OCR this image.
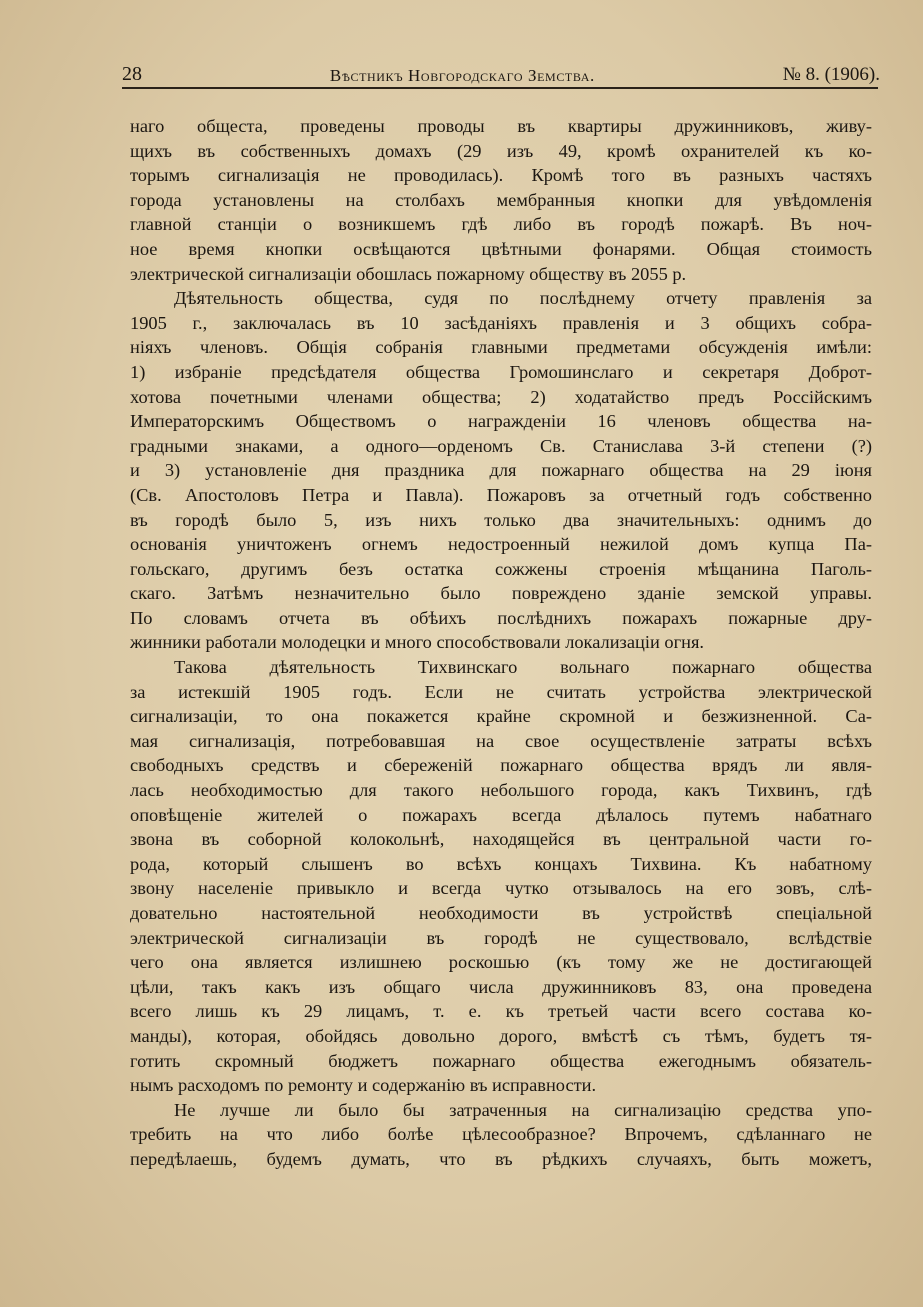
28	Вѣстникъ Новгородскаго Земства.	№ 8. (1906).
наго общеста, проведены проводы въ квартиры дружинниковъ, живу-
щихъ въ собственныхъ домахъ (29 изъ 49, кромѣ охранителей къ ко-
торымъ сигнализація не проводилась). Кромѣ того въ разныхъ частяхъ
города установлены на столбахъ мембранныя кнопки для увѣдомленія
главной станціи о возникшемъ гдѣ либо въ городѣ пожарѣ. Въ ноч-
ное время кнопки освѣщаются цвѣтными фонарями. Общая стоимость
электрической сигнализаціи обошлась пожарному обществу въ 2055 р.
Дѣятельность общества, судя по послѣднему отчету правленія за
1905 г., заключалась въ 10 засѣданіяхъ правленія и 3 общихъ собра-
ніяхъ членовъ. Общія собранія главными предметами обсужденія имѣли:
1) избраніе предсѣдателя общества Громошинслаго и секретаря Доброт-
хотова почетными членами общества; 2) ходатайство предъ Россійскимъ
Императорскимъ Обществомъ о награжденіи 16 членовъ общества на-
градными знаками, а одного—орденомъ Св. Станислава 3-й степени (?)
и 3) установленіе дня праздника для пожарнаго общества на 29 іюня
(Св. Апостоловъ Петра и Павла). Пожаровъ за отчетный годъ собственно
въ городѣ было 5, изъ нихъ только два значительныхъ: однимъ до
основанія уничтоженъ огнемъ недостроенный нежилой домъ купца Па-
гольскаго, другимъ безъ остатка сожжены строенія мѣщанина Паголь-
скаго. Затѣмъ незначительно было повреждено зданіе земской управы.
По словамъ отчета въ обѣихъ послѣднихъ пожарахъ пожарные дру-
жинники работали молодецки и много способствовали локализаціи огня.
Такова дѣятельность Тихвинскаго вольнаго пожарнаго общества
за истекшій 1905 годъ. Если не считать устройства электрической
сигнализаціи, то она покажется крайне скромной и безжизненной. Са-
мая сигнализація, потребовавшая на свое осуществленіе затраты всѣхъ
свободныхъ средствъ и сбереженій пожарнаго общества врядъ ли явля-
лась необходимостью для такого небольшого города, какъ Тихвинъ, гдѣ
оповѣщеніе жителей о пожарахъ всегда дѣлалось путемъ набатнаго
звона въ соборной колокольнѣ, находящейся въ центральной части го-
рода, который слышенъ во всѣхъ концахъ Тихвина. Къ набатному
звону населеніе привыкло и всегда чутко отзывалось на его зовъ, слѣ-
довательно настоятельной необходимости въ устройствѣ спеціальной
электрической сигнализаціи въ городѣ не существовало, вслѣдствіе
чего она является излишнею роскошью (къ тому же не достигающей
цѣли, такъ какъ изъ общаго числа дружинниковъ 83, она проведена
всего лишь къ 29 лицамъ, т. е. къ третьей части всего состава ко-
манды), которая, обойдясь довольно дорого, вмѣстѣ съ тѣмъ, будетъ тя-
готить скромный бюджетъ пожарнаго общества ежегоднымъ обязатель-
нымъ расходомъ по ремонту и содержанію въ исправности.
Не лучше ли было бы затраченныя на сигнализацію средства упо-
требить на что либо болѣе цѣлесообразное? Впрочемъ, сдѣланнаго не
передѣлаешь, будемъ думать, что въ рѣдкихъ случаяхъ, быть можетъ,
